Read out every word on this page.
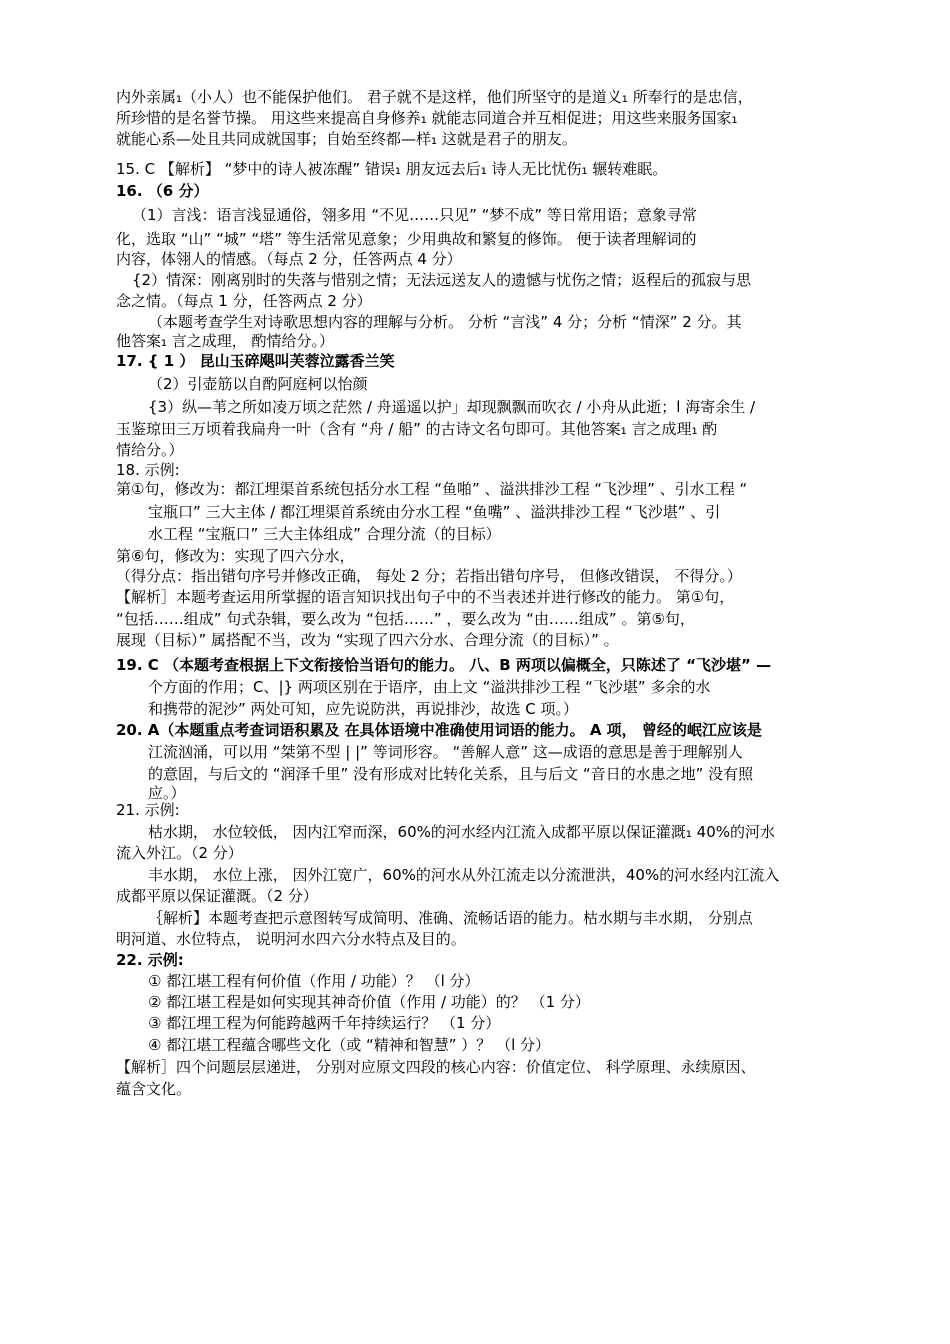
内外亲属₁（小人）也不能保护他们。 君子就不是这样，他们所坚守的是道义₁ 所奉行的是忠信，
所珍惜的是名誉节操。 用这些来提高自身修养₁ 就能志同道合并互相促进；用这些来服务国家₁
就能心系—处且共同成就国事；自始至终都—样₁ 这就是君子的朋友。
15. C 【解析】 “梦中的诗人被冻醒” 错误₁ 朋友远去后₁ 诗人无比忧伤₁ 辗转难眠。
16. （6 分）
（1）言浅：语言浅显通俗，翎多用 “不见……只见” “梦不成” 等日常用语；意象寻常
化，选取 “山” “城” “塔” 等生活常见意象；少用典故和繁复的修饰。 便于读者理解词的
内容，体翎人的情感。（每点 2 分，任答两点 4 分）
{2）情深：刚离别时的失落与惜别之情；无法远送友人的遗憾与忧伤之情；返程后的孤寂与思
念之情。（每点 1 分，任答两点 2 分）
（本题考查学生对诗歌思想内容的理解与分析。 分析 “言浅” 4 分；分析 “情深” 2 分。其
他答案₁ 言之成理， 酌情给分。）
17. { 1 ） 昆山玉碎飓叫芙蓉泣露香兰笑
（2）引壶筋以自酌阿庭柯以怡颜
{3）纵—苇之所如凌万顷之茫然 / 舟遥遥以护」却现飘飘而吹衣 / 小舟从此逝；l 海寄余生 /
玉鉴琼田三万顷着我扁舟一叶（含有 “舟 / 船” 的古诗文名句即可。其他答案₁ 言之成理₁ 酌
情给分。）
18. 示例:
第①句，修改为：都江埋渠首系统包括分水工程 “鱼啪” 、溢洪排沙工程 “飞沙埋” 、引水工程 “
宝瓶口” 三大主体 / 都江埋渠首系统由分水工程 “鱼嘴” 、溢洪排沙工程 “飞沙堪” 、引
水工程 “宝瓶口” 三大主体组成” 合理分流（的目标）
第⑥句，修改为：实现了四六分水，
（得分点：指出错句序号并修改正确， 每处 2 分；若指出错句序号， 但修改错误， 不得分。）
【解析］本题考查运用所掌握的语言知识找出句子中的不当表述并进行修改的能力。 第①句，
“包括……组成” 句式杂辑，要么改为 “包括……” ，要么改为 “由……组成” 。第⑤句，
展现（目标）” 属搭配不当，改为 “实现了四六分水、合理分流（的目标）” 。
19. C （本题考查根据上下文衔接恰当语句的能力。 八、B 两项以偏概全，只陈述了 “飞沙堪” —
个方面的作用；C、|} 两项区别在于语序，由上文 “溢洪排沙工程 “飞沙堪” 多余的水
和携带的泥沙” 两处可知，应先说防洪，再说排沙，故选 C 项。）
20. A（本题重点考查词语积累及 在具体语境中准确使用词语的能力。 A 项， 曾经的岷江应该是
江流汹涌，可以用 “桀第不型 | |” 等词形容。 “善解人意” 这—成语的意思是善于理解别人
的意固，与后文的 “润泽千里” 没有形成对比转化关系，且与后文 “音日的水患之地” 没有照
应。）
21. 示例:
枯水期， 水位较低， 因内江窄而深，60%的河水经内江流入成都平原以保证灌溉₁ 40%的河水
流入外江。（2 分）
丰水期， 水位上涨， 因外江宽广，60%的河水从外江流走以分流泄洪，40%的河水经内江流入
成都平原以保证灌溉。（2 分）
｛解析】本题考查把示意图转写成简明、准确、流畅话语的能力。枯水期与丰水期， 分别点
明河道、水位特点， 说明河水四六分水特点及目的。
22. 示例:
① 都江堪工程有何价值（作用 / 功能）？ （l 分）
② 都江堪工程是如何实现其神奇价值（作用 / 功能）的？ （1 分）
③ 都江埋工程为何能跨越两千年持续运行？ （1 分）
④ 都江堪工程蕴含哪些文化（或 “精神和智慧” ）？ （l 分）
【解析］四个问题层层递进， 分别对应原文四段的核心内容：价值定位、 科学原理、永续原因、
蕴含文化。
